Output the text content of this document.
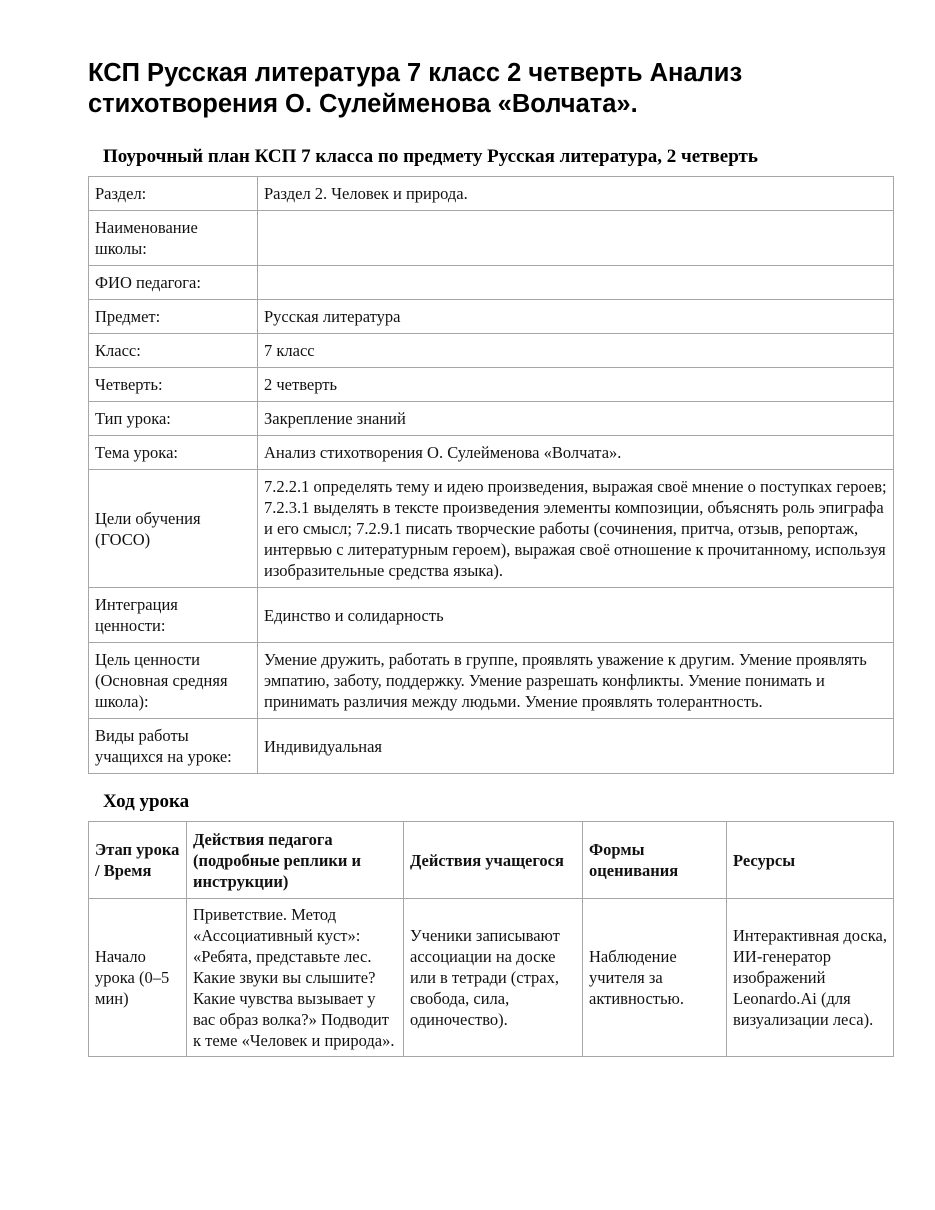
КСП Русская литература 7 класс 2 четверть Анализ стихотворения О. Сулейменова «Волчата».
Поурочный план КСП 7 класса по предмету Русская литература, 2 четверть
Раздел:	Раздел 2. Человек и природа.
Наименование школы:	
ФИО педагога:	
Предмет:	Русская литература
Класс:	7 класс
Четверть:	2 четверть
Тип урока:	Закрепление знаний
Тема урока:	Анализ стихотворения О. Сулейменова «Волчата».
Цели обучения (ГОСО)	7.2.2.1 определять тему и идею произведения, выражая своё мнение о поступках героев; 7.2.3.1 выделять в тексте произведения элементы композиции, объяснять роль эпиграфа и его смысл; 7.2.9.1 писать творческие работы (сочинения, притча, отзыв, репортаж, интервью с литературным героем), выражая своё отношение к прочитанному, используя изобразительные средства языка).
Интеграция ценности:	Единство и солидарность
Цель ценности (Основная средняя школа):	Умение дружить, работать в группе, проявлять уважение к другим. Умение проявлять эмпатию, заботу, поддержку. Умение разрешать конфликты. Умение понимать и принимать различия между людьми. Умение проявлять толерантность.
Виды работы учащихся на уроке:	Индивидуальная
Ход урока
Этап урока / Время	Действия педагога (подробные реплики и инструкции)	Действия учащегося	Формы оценивания	Ресурсы
Начало урока (0–5 мин)	Приветствие. Метод «Ассоциативный куст»: «Ребята, представьте лес. Какие звуки вы слышите? Какие чувства вызывает у вас образ волка?» Подводит к теме «Человек и природа».	Ученики записывают ассоциации на доске или в тетради (страх, свобода, сила, одиночество).	Наблюдение учителя за активностью.	Интерактивная доска, ИИ-генератор изображений Leonardo.Ai (для визуализации леса).
